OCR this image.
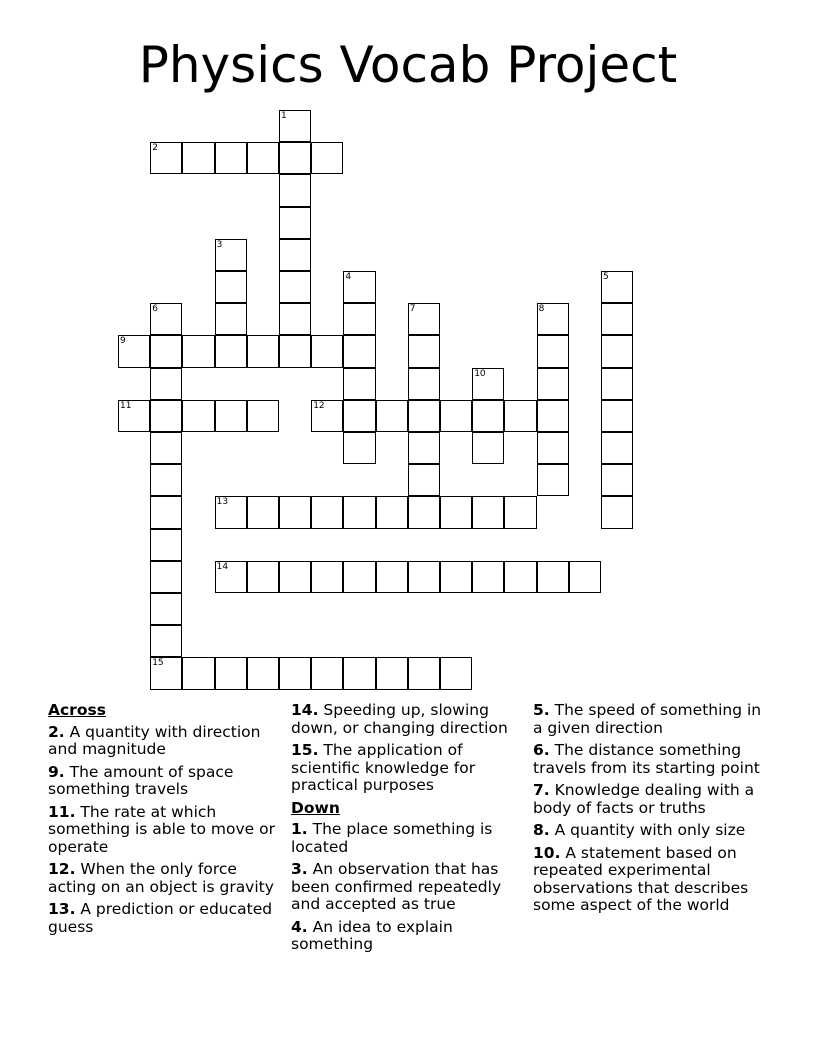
Physics Vocab Project
2
9
11	12
13
14
15
1
3
4	5
6	7	8
10
Across
2. A quantity with direction and magnitude
9. The amount of space something travels
11. The rate at which something is able to move or operate
12. When the only force acting on an object is gravity
13. A prediction or educated guess
14. Speeding up, slowing down, or changing direction
15. The application of scientific knowledge for practical purposes
Down
1. The place something is located
3. An observation that has been confirmed repeatedly and accepted as true
4. An idea to explain something
5. The speed of something in a given direction
6. The distance something travels from its starting point
7. Knowledge dealing with a body of facts or truths
8. A quantity with only size
10. A statement based on repeated experimental observations that describes some aspect of the world
